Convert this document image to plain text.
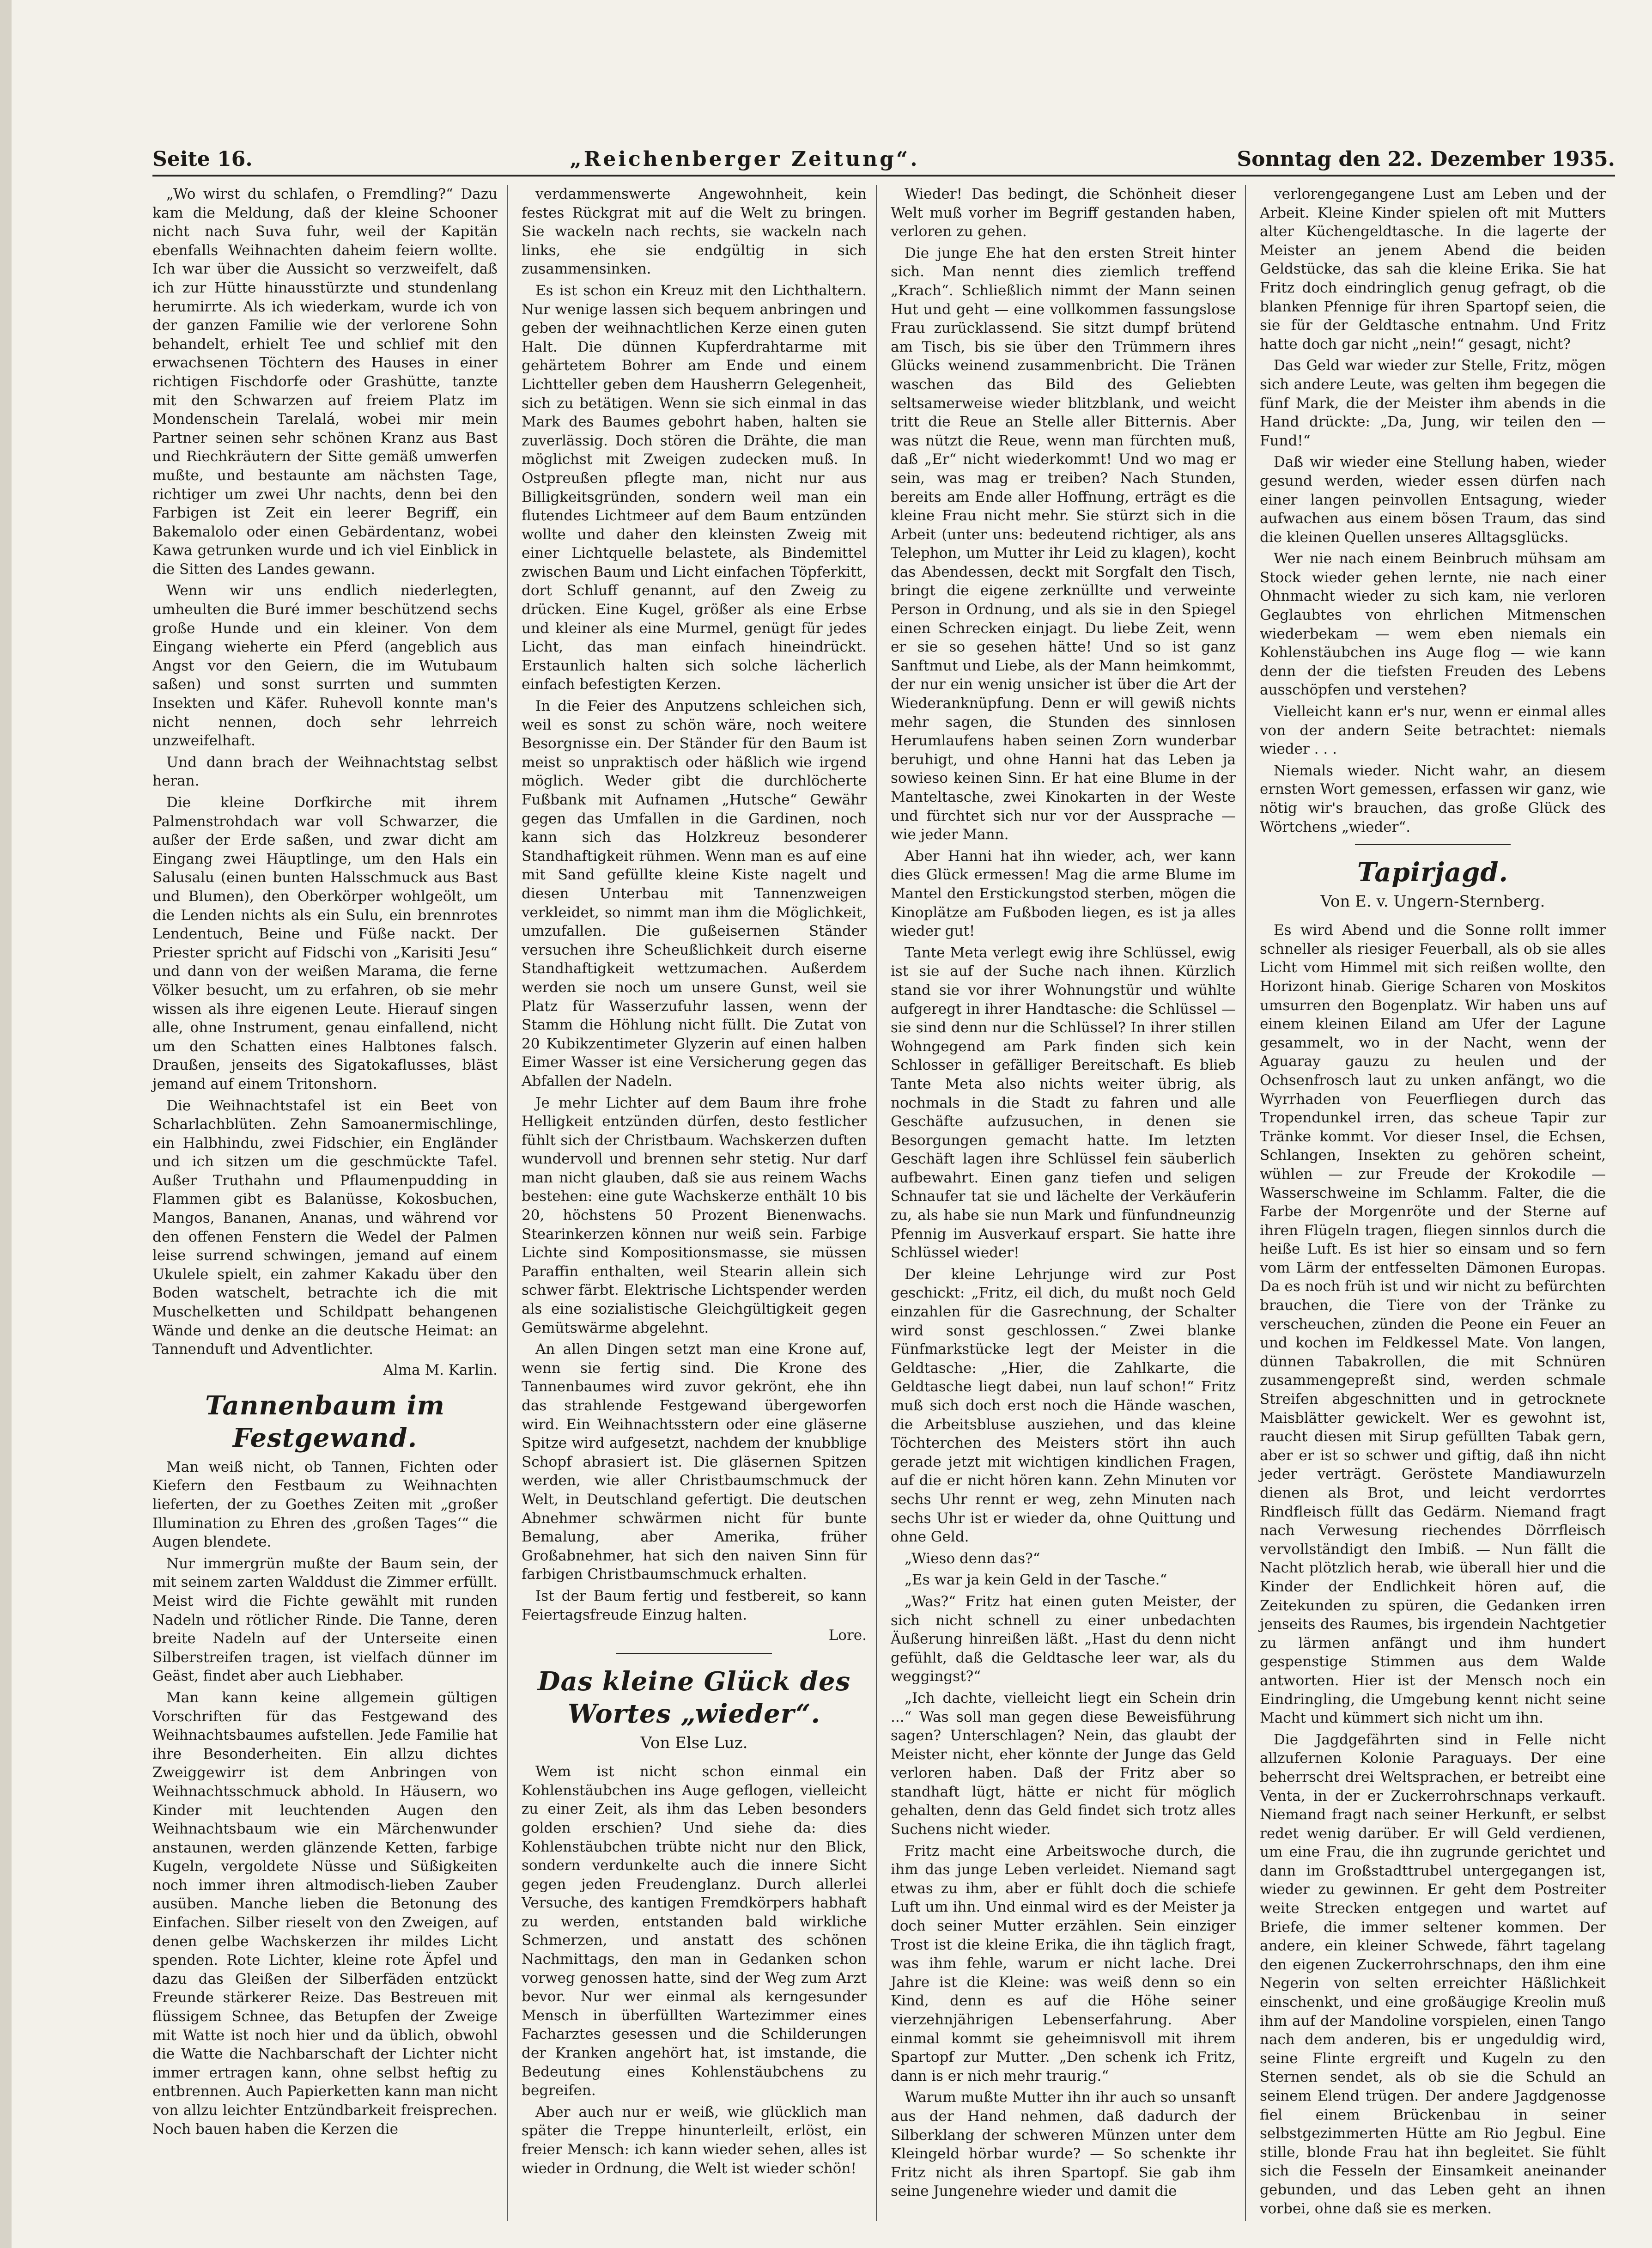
Seite 16.	„Reichenberger Zeitung“.	Sonntag den 22. Dezember 1935.

„Wo wirst du schlafen, o Fremdling?“ Dazu kam die Meldung, daß der kleine Schooner nicht nach Suva fuhr, weil der Kapitän ebenfalls Weihnachten daheim feiern wollte. Ich war über die Aussicht so verzweifelt, daß ich zur Hütte hinausstürzte und stundenlang herumirrte. Als ich wiederkam, wurde ich von der ganzen Familie wie der verlorene Sohn behandelt, erhielt Tee und schlief mit den erwachsenen Töchtern des Hauses in einer richtigen Fischdorfe oder Grashütte, tanzte mit den Schwarzen auf freiem Platz im Mondenschein Tarelalá, wobei mir mein Partner seinen sehr schönen Kranz aus Bast und Riechkräutern der Sitte gemäß umwerfen mußte, und bestaunte am nächsten Tage, richtiger um zwei Uhr nachts, denn bei den Farbigen ist Zeit ein leerer Begriff, ein Bakemalolo oder einen Gebärdentanz, wobei Kawa getrunken wurde und ich viel Einblick in die Sitten des Landes gewann.

Wenn wir uns endlich niederlegten, umheulten die Buré immer beschützend sechs große Hunde und ein kleiner. Von dem Eingang wieherte ein Pferd (angeblich aus Angst vor den Geiern, die im Wutubaum saßen) und sonst surrten und summten Insekten und Käfer. Ruhevoll konnte man's nicht nennen, doch sehr lehrreich unzweifelhaft.

Und dann brach der Weihnachtstag selbst heran.

Die kleine Dorfkirche mit ihrem Palmenstrohdach war voll Schwarzer, die außer der Erde saßen, und zwar dicht am Eingang zwei Häuptlinge, um den Hals ein Salusalu (einen bunten Halsschmuck aus Bast und Blumen), den Oberkörper wohlgeölt, um die Lenden nichts als ein Sulu, ein brennrotes Lendentuch, Beine und Füße nackt. Der Priester spricht auf Fidschi von „Karisiti Jesu“ und dann von der weißen Marama, die ferne Völker besucht, um zu erfahren, ob sie mehr wissen als ihre eigenen Leute. Hierauf singen alle, ohne Instrument, genau einfallend, nicht um den Schatten eines Halbtones falsch. Draußen, jenseits des Sigatokaflusses, bläst jemand auf einem Tritonshorn.

Die Weihnachtstafel ist ein Beet von Scharlachblüten. Zehn Samoanermischlinge, ein Halbhindu, zwei Fidschier, ein Engländer und ich sitzen um die geschmückte Tafel. Außer Truthahn und Pflaumenpudding in Flammen gibt es Balanüsse, Kokosbuchen, Mangos, Bananen, Ananas, und während vor den offenen Fenstern die Wedel der Palmen leise surrend schwingen, jemand auf einem Ukulele spielt, ein zahmer Kakadu über den Boden watschelt, betrachte ich die mit Muschelketten und Schildpatt behangenen Wände und denke an die deutsche Heimat: an Tannenduft und Adventlichter.

Alma M. Karlin.
Tannenbaum im Festgewand.

Man weiß nicht, ob Tannen, Fichten oder Kiefern den Festbaum zu Weihnachten lieferten, der zu Goethes Zeiten mit „großer Illumination zu Ehren des ‚großen Tages‘“ die Augen blendete.

Nur immergrün mußte der Baum sein, der mit seinem zarten Walddust die Zimmer erfüllt. Meist wird die Fichte gewählt mit runden Nadeln und rötlicher Rinde. Die Tanne, deren breite Nadeln auf der Unterseite einen Silberstreifen tragen, ist vielfach dünner im Geäst, findet aber auch Liebhaber.

Man kann keine allgemein gültigen Vorschriften für das Festgewand des Weihnachtsbaumes aufstellen. Jede Familie hat ihre Besonderheiten. Ein allzu dichtes Zweiggewirr ist dem Anbringen von Weihnachtsschmuck abhold. In Häusern, wo Kinder mit leuchtenden Augen den Weihnachtsbaum wie ein Märchenwunder anstaunen, werden glänzende Ketten, farbige Kugeln, vergoldete Nüsse und Süßigkeiten noch immer ihren altmodisch-lieben Zauber ausüben. Manche lieben die Betonung des Einfachen. Silber rieselt von den Zweigen, auf denen gelbe Wachskerzen ihr mildes Licht spenden. Rote Lichter, kleine rote Äpfel und dazu das Gleißen der Silberfäden entzückt Freunde stärkerer Reize. Das Bestreuen mit flüssigem Schnee, das Betupfen der Zweige mit Watte ist noch hier und da üblich, obwohl die Watte die Nachbarschaft der Lichter nicht immer ertragen kann, ohne selbst heftig zu entbrennen. Auch Papierketten kann man nicht von allzu leichter Entzündbarkeit freisprechen. Noch bauen haben die Kerzen die

verdammenswerte Angewohnheit, kein festes Rückgrat mit auf die Welt zu bringen. Sie wackeln nach rechts, sie wackeln nach links, ehe sie endgültig in sich zusammensinken.

Es ist schon ein Kreuz mit den Lichthaltern. Nur wenige lassen sich bequem anbringen und geben der weihnachtlichen Kerze einen guten Halt. Die dünnen Kupferdrahtarme mit gehärtetem Bohrer am Ende und einem Lichtteller geben dem Hausherrn Gelegenheit, sich zu betätigen. Wenn sie sich einmal in das Mark des Baumes gebohrt haben, halten sie zuverlässig. Doch stören die Drähte, die man möglichst mit Zweigen zudecken muß. In Ostpreußen pflegte man, nicht nur aus Billigkeitsgründen, sondern weil man ein flutendes Lichtmeer auf dem Baum entzünden wollte und daher den kleinsten Zweig mit einer Lichtquelle belastete, als Bindemittel zwischen Baum und Licht einfachen Töpferkitt, dort Schluff genannt, auf den Zweig zu drücken. Eine Kugel, größer als eine Erbse und kleiner als eine Murmel, genügt für jedes Licht, das man einfach hineindrückt. Erstaunlich halten sich solche lächerlich einfach befestigten Kerzen.

In die Feier des Anputzens schleichen sich, weil es sonst zu schön wäre, noch weitere Besorgnisse ein. Der Ständer für den Baum ist meist so unpraktisch oder häßlich wie irgend möglich. Weder gibt die durchlöcherte Fußbank mit Aufnamen „Hutsche“ Gewähr gegen das Umfallen in die Gardinen, noch kann sich das Holzkreuz besonderer Standhaftigkeit rühmen. Wenn man es auf eine mit Sand gefüllte kleine Kiste nagelt und diesen Unterbau mit Tannenzweigen verkleidet, so nimmt man ihm die Möglichkeit, umzufallen. Die gußeisernen Ständer versuchen ihre Scheußlichkeit durch eiserne Standhaftigkeit wettzumachen. Außerdem werden sie noch um unsere Gunst, weil sie Platz für Wasserzufuhr lassen, wenn der Stamm die Höhlung nicht füllt. Die Zutat von 20 Kubikzentimeter Glyzerin auf einen halben Eimer Wasser ist eine Versicherung gegen das Abfallen der Nadeln.

Je mehr Lichter auf dem Baum ihre frohe Helligkeit entzünden dürfen, desto festlicher fühlt sich der Christbaum. Wachskerzen duften wundervoll und brennen sehr stetig. Nur darf man nicht glauben, daß sie aus reinem Wachs bestehen: eine gute Wachskerze enthält 10 bis 20, höchstens 50 Prozent Bienenwachs. Stearinkerzen können nur weiß sein. Farbige Lichte sind Kompositionsmasse, sie müssen Paraffin enthalten, weil Stearin allein sich schwer färbt. Elektrische Lichtspender werden als eine sozialistische Gleichgültigkeit gegen Gemütswärme abgelehnt.

An allen Dingen setzt man eine Krone auf, wenn sie fertig sind. Die Krone des Tannenbaumes wird zuvor gekrönt, ehe ihn das strahlende Festgewand übergeworfen wird. Ein Weihnachtsstern oder eine gläserne Spitze wird aufgesetzt, nachdem der knubblige Schopf abrasiert ist. Die gläsernen Spitzen werden, wie aller Christbaumschmuck der Welt, in Deutschland gefertigt. Die deutschen Abnehmer schwärmen nicht für bunte Bemalung, aber Amerika, früher Großabnehmer, hat sich den naiven Sinn für farbigen Christbaumschmuck erhalten.

Ist der Baum fertig und festbereit, so kann Feiertagsfreude Einzug halten.

Lore.
Das kleine Glück des Wortes „wieder“.
Von Else Luz.

Wem ist nicht schon einmal ein Kohlenstäubchen ins Auge geflogen, vielleicht zu einer Zeit, als ihm das Leben besonders golden erschien? Und siehe da: dies Kohlenstäubchen trübte nicht nur den Blick, sondern verdunkelte auch die innere Sicht gegen jeden Freudenglanz. Durch allerlei Versuche, des kantigen Fremdkörpers habhaft zu werden, entstanden bald wirkliche Schmerzen, und anstatt des schönen Nachmittags, den man in Gedanken schon vorweg genossen hatte, sind der Weg zum Arzt bevor. Nur wer einmal als kerngesunder Mensch in überfüllten Wartezimmer eines Facharztes gesessen und die Schilderungen der Kranken angehört hat, ist imstande, die Bedeutung eines Kohlenstäubchens zu begreifen.

Aber auch nur er weiß, wie glücklich man später die Treppe hinunterleilt, erlöst, ein freier Mensch: ich kann wieder sehen, alles ist wieder in Ordnung, die Welt ist wieder schön!

Wieder! Das bedingt, die Schönheit dieser Welt muß vorher im Begriff gestanden haben, verloren zu gehen.

Die junge Ehe hat den ersten Streit hinter sich. Man nennt dies ziemlich treffend „Krach“. Schließlich nimmt der Mann seinen Hut und geht — eine vollkommen fassungslose Frau zurücklassend. Sie sitzt dumpf brütend am Tisch, bis sie über den Trümmern ihres Glücks weinend zusammenbricht. Die Tränen waschen das Bild des Geliebten seltsamerweise wieder blitzblank, und weicht tritt die Reue an Stelle aller Bitternis. Aber was nützt die Reue, wenn man fürchten muß, daß „Er“ nicht wiederkommt! Und wo mag er sein, was mag er treiben? Nach Stunden, bereits am Ende aller Hoffnung, erträgt es die kleine Frau nicht mehr. Sie stürzt sich in die Arbeit (unter uns: bedeutend richtiger, als ans Telephon, um Mutter ihr Leid zu klagen), kocht das Abendessen, deckt mit Sorgfalt den Tisch, bringt die eigene zerknüllte und verweinte Person in Ordnung, und als sie in den Spiegel einen Schrecken einjagt. Du liebe Zeit, wenn er sie so gesehen hätte! Und so ist ganz Sanftmut und Liebe, als der Mann heimkommt, der nur ein wenig unsicher ist über die Art der Wiederanknüpfung. Denn er will gewiß nichts mehr sagen, die Stunden des sinnlosen Herumlaufens haben seinen Zorn wunderbar beruhigt, und ohne Hanni hat das Leben ja sowieso keinen Sinn. Er hat eine Blume in der Manteltasche, zwei Kinokarten in der Weste und fürchtet sich nur vor der Aussprache — wie jeder Mann.

Aber Hanni hat ihn wieder, ach, wer kann dies Glück ermessen! Mag die arme Blume im Mantel den Erstickungstod sterben, mögen die Kinoplätze am Fußboden liegen, es ist ja alles wieder gut!

Tante Meta verlegt ewig ihre Schlüssel, ewig ist sie auf der Suche nach ihnen. Kürzlich stand sie vor ihrer Wohnungstür und wühlte aufgeregt in ihrer Handtasche: die Schlüssel — sie sind denn nur die Schlüssel? In ihrer stillen Wohngegend am Park finden sich kein Schlosser in gefälliger Bereitschaft. Es blieb Tante Meta also nichts weiter übrig, als nochmals in die Stadt zu fahren und alle Geschäfte aufzusuchen, in denen sie Besorgungen gemacht hatte. Im letzten Geschäft lagen ihre Schlüssel fein säuberlich aufbewahrt. Einen ganz tiefen und seligen Schnaufer tat sie und lächelte der Verkäuferin zu, als habe sie nun Mark und fünfundneunzig Pfennig im Ausverkauf erspart. Sie hatte ihre Schlüssel wieder!

Der kleine Lehrjunge wird zur Post geschickt: „Fritz, eil dich, du mußt noch Geld einzahlen für die Gasrechnung, der Schalter wird sonst geschlossen.“ Zwei blanke Fünfmarkstücke legt der Meister in die Geldtasche: „Hier, die Zahlkarte, die Geldtasche liegt dabei, nun lauf schon!“ Fritz muß sich doch erst noch die Hände waschen, die Arbeitsbluse ausziehen, und das kleine Töchterchen des Meisters stört ihn auch gerade jetzt mit wichtigen kindlichen Fragen, auf die er nicht hören kann. Zehn Minuten vor sechs Uhr rennt er weg, zehn Minuten nach sechs Uhr ist er wieder da, ohne Quittung und ohne Geld.

„Wieso denn das?“

„Es war ja kein Geld in der Tasche.“

„Was?“ Fritz hat einen guten Meister, der sich nicht schnell zu einer unbedachten Äußerung hinreißen läßt. „Hast du denn nicht gefühlt, daß die Geldtasche leer war, als du weggingst?“

„Ich dachte, vielleicht liegt ein Schein drin ...“ Was soll man gegen diese Beweisführung sagen? Unterschlagen? Nein, das glaubt der Meister nicht, eher könnte der Junge das Geld verloren haben. Daß der Fritz aber so standhaft lügt, hätte er nicht für möglich gehalten, denn das Geld findet sich trotz alles Suchens nicht wieder.

Fritz macht eine Arbeitswoche durch, die ihm das junge Leben verleidet. Niemand sagt etwas zu ihm, aber er fühlt doch die schiefe Luft um ihn. Und einmal wird es der Meister ja doch seiner Mutter erzählen. Sein einziger Trost ist die kleine Erika, die ihn täglich fragt, was ihm fehle, warum er nicht lache. Drei Jahre ist die Kleine: was weiß denn so ein Kind, denn es auf die Höhe seiner vierzehnjährigen Lebenserfahrung. Aber einmal kommt sie geheimnisvoll mit ihrem Spartopf zur Mutter. „Den schenk ich Fritz, dann is er nich mehr traurig.“

Warum mußte Mutter ihn ihr auch so unsanft aus der Hand nehmen, daß dadurch der Silberklang der schweren Münzen unter dem Kleingeld hörbar wurde? — So schenkte ihr Fritz nicht als ihren Spartopf. Sie gab ihm seine Jungenehre wieder und damit die

verlorengegangene Lust am Leben und der Arbeit. Kleine Kinder spielen oft mit Mutters alter Küchengeldtasche. In die lagerte der Meister an jenem Abend die beiden Geldstücke, das sah die kleine Erika. Sie hat Fritz doch eindringlich genug gefragt, ob die blanken Pfennige für ihren Spartopf seien, die sie für der Geldtasche entnahm. Und Fritz hatte doch gar nicht „nein!“ gesagt, nicht?

Das Geld war wieder zur Stelle, Fritz, mögen sich andere Leute, was gelten ihm begegen die fünf Mark, die der Meister ihm abends in die Hand drückte: „Da, Jung, wir teilen den — Fund!“

Daß wir wieder eine Stellung haben, wieder gesund werden, wieder essen dürfen nach einer langen peinvollen Entsagung, wieder aufwachen aus einem bösen Traum, das sind die kleinen Quellen unseres Alltagsglücks.

Wer nie nach einem Beinbruch mühsam am Stock wieder gehen lernte, nie nach einer Ohnmacht wieder zu sich kam, nie verloren Geglaubtes von ehrlichen Mitmenschen wiederbekam — wem eben niemals ein Kohlenstäubchen ins Auge flog — wie kann denn der die tiefsten Freuden des Lebens ausschöpfen und verstehen?

Vielleicht kann er's nur, wenn er einmal alles von der andern Seite betrachtet: niemals wieder . . .

Niemals wieder. Nicht wahr, an diesem ernsten Wort gemessen, erfassen wir ganz, wie nötig wir's brauchen, das große Glück des Wörtchens „wieder“.

Tapirjagd.
Von E. v. Ungern-Sternberg.

Es wird Abend und die Sonne rollt immer schneller als riesiger Feuerball, als ob sie alles Licht vom Himmel mit sich reißen wollte, den Horizont hinab. Gierige Scharen von Moskitos umsurren den Bogenplatz. Wir haben uns auf einem kleinen Eiland am Ufer der Lagune gesammelt, wo in der Nacht, wenn der Aguaray gauzu zu heulen und der Ochsenfrosch laut zu unken anfängt, wo die Wyrrhaden von Feuerfliegen durch das Tropendunkel irren, das scheue Tapir zur Tränke kommt. Vor dieser Insel, die Echsen, Schlangen, Insekten zu gehören scheint, wühlen — zur Freude der Krokodile — Wasserschweine im Schlamm. Falter, die die Farbe der Morgenröte und der Sterne auf ihren Flügeln tragen, fliegen sinnlos durch die heiße Luft. Es ist hier so einsam und so fern vom Lärm der entfesselten Dämonen Europas. Da es noch früh ist und wir nicht zu befürchten brauchen, die Tiere von der Tränke zu verscheuchen, zünden die Peone ein Feuer an und kochen im Feldkessel Mate. Von langen, dünnen Tabakrollen, die mit Schnüren zusammengepreßt sind, werden schmale Streifen abgeschnitten und in getrocknete Maisblätter gewickelt. Wer es gewohnt ist, raucht diesen mit Sirup gefüllten Tabak gern, aber er ist so schwer und giftig, daß ihn nicht jeder verträgt. Geröstete Mandiawurzeln dienen als Brot, und leicht verdorrtes Rindfleisch füllt das Gedärm. Niemand fragt nach Verwesung riechendes Dörrfleisch vervollständigt den Imbiß. — Nun fällt die Nacht plötzlich herab, wie überall hier und die Kinder der Endlichkeit hören auf, die Zeitekunden zu spüren, die Gedanken irren jenseits des Raumes, bis irgendein Nachtgetier zu lärmen anfängt und ihm hundert gespenstige Stimmen aus dem Walde antworten. Hier ist der Mensch noch ein Eindringling, die Umgebung kennt nicht seine Macht und kümmert sich nicht um ihn.

Die Jagdgefährten sind in Felle nicht allzufernen Kolonie Paraguays. Der eine beherrscht drei Weltsprachen, er betreibt eine Venta, in der er Zuckerrohrschnaps verkauft. Niemand fragt nach seiner Herkunft, er selbst redet wenig darüber. Er will Geld verdienen, um eine Frau, die ihn zugrunde gerichtet und dann im Großstadttrubel untergegangen ist, wieder zu gewinnen. Er geht dem Postreiter weite Strecken entgegen und wartet auf Briefe, die immer seltener kommen. Der andere, ein kleiner Schwede, fährt tagelang den eigenen Zuckerrohrschnaps, den ihm eine Negerin von selten erreichter Häßlichkeit einschenkt, und eine großäugige Kreolin muß ihm auf der Mandoline vorspielen, einen Tango nach dem anderen, bis er ungeduldig wird, seine Flinte ergreift und Kugeln zu den Sternen sendet, als ob sie die Schuld an seinem Elend trügen. Der andere Jagdgenosse fiel einem Brückenbau in seiner selbstgezimmerten Hütte am Rio Jegbul. Eine stille, blonde Frau hat ihn begleitet. Sie fühlt sich die Fesseln der Einsamkeit aneinander gebunden, und das Leben geht an ihnen vorbei, ohne daß sie es merken.
